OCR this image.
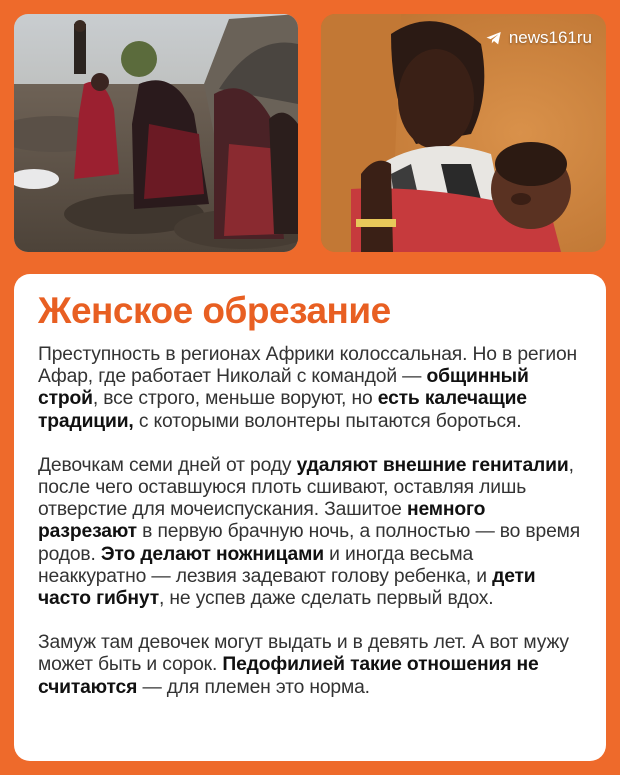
news161ru
Женское обрезание

Преступность в регионах Африки колоссальная. Но в регион Афар, где работает Николай с командой — общинный строй, все строго, меньше воруют, но есть калечащие традиции, с которыми волонтеры пытаются бороться.

Девочкам семи дней от роду удаляют внешние гениталии, после чего оставшуюся плоть сшивают, оставляя лишь отверстие для мочеиспускания. Зашитое немного разрезают в первую брачную ночь, а полностью — во время родов. Это делают ножницами и иногда весьма неаккуратно — лезвия задевают голову ребенка, и дети часто гибнут, не успев даже сделать первый вдох.

Замуж там девочек могут выдать и в девять лет. А вот мужу может быть и сорок. Педофилией такие отношения не считаются — для племен это норма.
